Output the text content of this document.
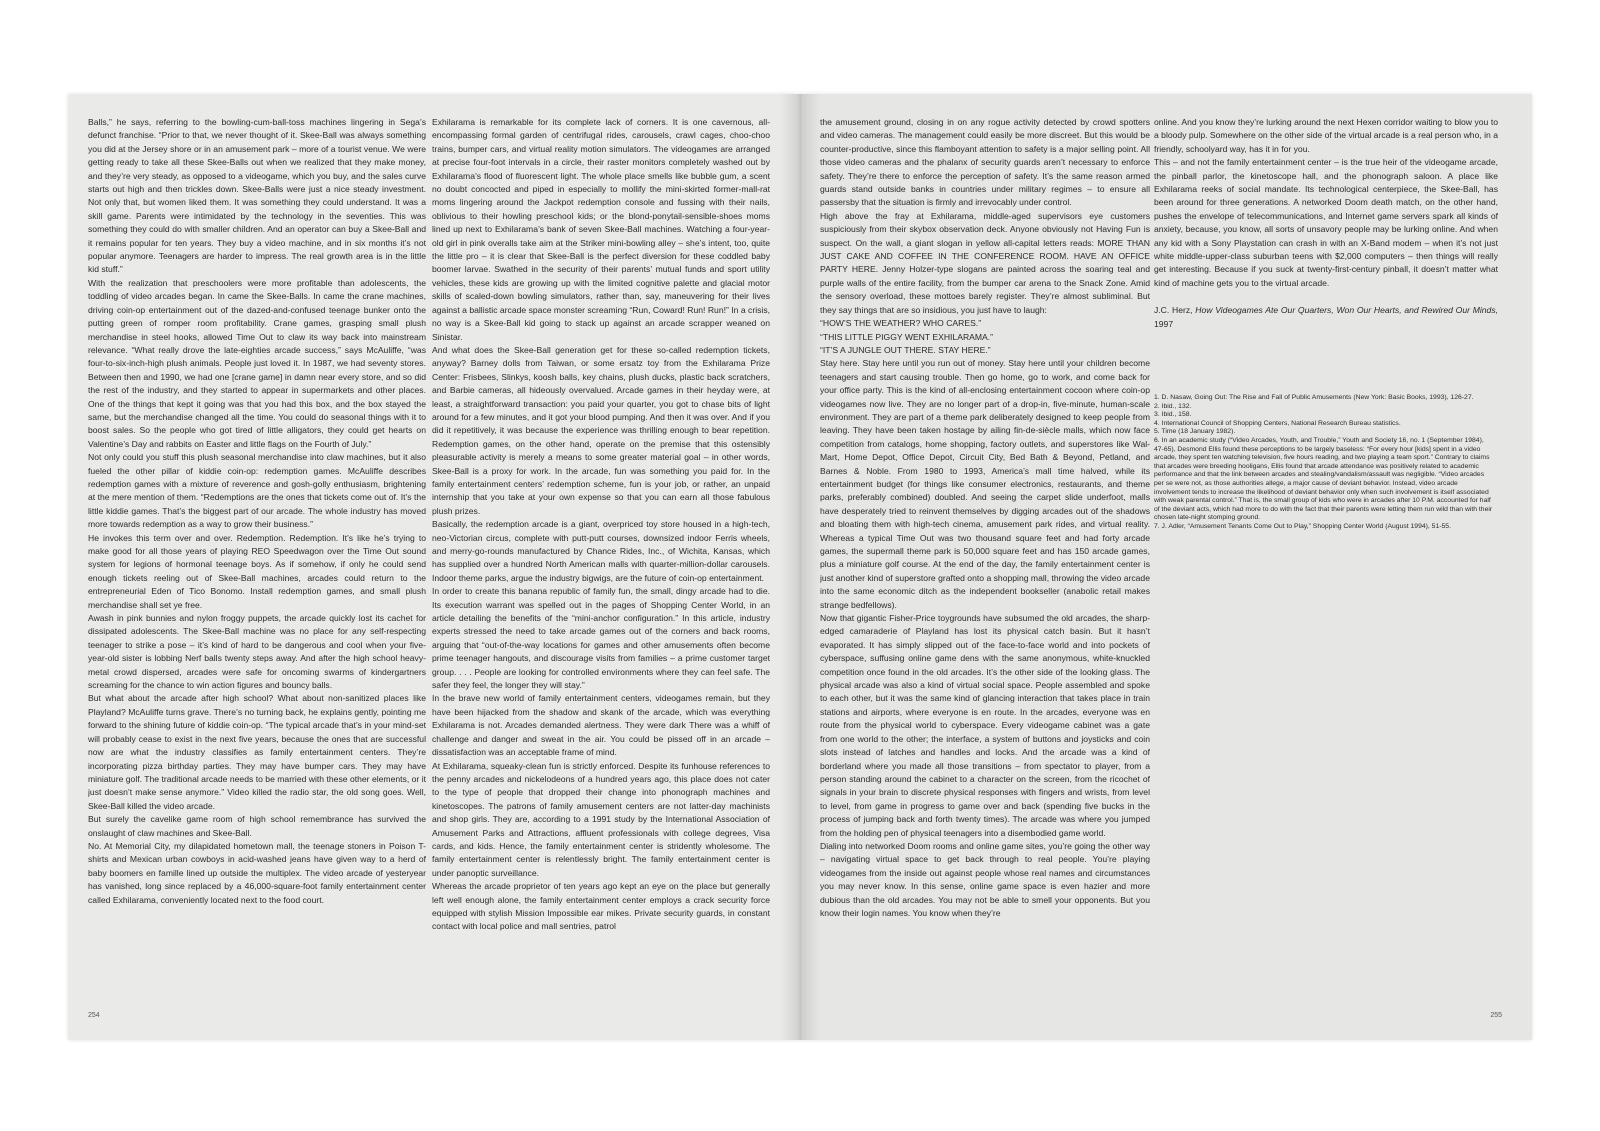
Balls,” he says, referring to the bowling-cum-ball-toss machines lingering in Sega’s defunct franchise. “Prior to that, we never thought of it. Skee-Ball was always something you did at the Jersey shore or in an amusement park – more of a tourist venue. We were getting ready to take all these Skee-Balls out when we realized that they make money, and they’re very steady, as opposed to a videogame, which you buy, and the sales curve starts out high and then trickles down. Skee-Balls were just a nice steady investment. Not only that, but women liked them. It was something they could understand. It was a skill game. Parents were intimidated by the technology in the seventies. This was something they could do with smaller children. And an operator can buy a Skee-Ball and it remains popular for ten years. They buy a video machine, and in six months it’s not popular anymore. Teenagers are harder to impress. The real growth area is in the little kid stuff.”

With the realization that preschoolers were more profitable than adolescents, the toddling of video arcades began. In came the Skee-Balls. In came the crane machines, driving coin-op entertainment out of the dazed-and-confused teenage bunker onto the putting green of romper room profitability. Crane games, grasping small plush merchandise in steel hooks, allowed Time Out to claw its way back into mainstream relevance. “What really drove the late-eighties arcade success,” says McAuliffe, “was four-to-six-inch-high plush animals. People just loved it. In 1987, we had seventy stores. Between then and 1990, we had one [crane game] in damn near every store, and so did the rest of the industry, and they started to appear in supermarkets and other places. One of the things that kept it going was that you had this box, and the box stayed the same, but the merchandise changed all the time. You could do seasonal things with it to boost sales. So the people who got tired of little alligators, they could get hearts on Valentine’s Day and rabbits on Easter and little flags on the Fourth of July.”

Not only could you stuff this plush seasonal merchandise into claw machines, but it also fueled the other pillar of kiddie coin-op: redemption games. McAuliffe describes redemption games with a mixture of reverence and gosh-golly enthusiasm, brightening at the mere mention of them. “Redemptions are the ones that tickets come out of. It’s the little kiddie games. That’s the biggest part of our arcade. The whole industry has moved more towards redemption as a way to grow their business.”

He invokes this term over and over. Redemption. Redemption. It’s like he’s trying to make good for all those years of playing REO Speedwagon over the Time Out sound system for legions of hormonal teenage boys. As if somehow, if only he could send enough tickets reeling out of Skee-Ball machines, arcades could return to the entrepreneurial Eden of Tico Bonomo. Install redemption games, and small plush merchandise shall set ye free.

Awash in pink bunnies and nylon froggy puppets, the arcade quickly lost its cachet for dissipated adolescents. The Skee-Ball machine was no place for any self-respecting teenager to strike a pose – it’s kind of hard to be dangerous and cool when your five-year-old sister is lobbing Nerf balls twenty steps away. And after the high school heavy-metal crowd dispersed, arcades were safe for oncoming swarms of kindergartners screaming for the chance to win action figures and bouncy balls.

But what about the arcade after high school? What about non-sanitized places like Playland? McAuliffe turns grave. There’s no turning back, he explains gently, pointing me forward to the shining future of kiddie coin-op. “The typical arcade that’s in your mind-set will probably cease to exist in the next five years, because the ones that are successful now are what the industry classifies as family entertainment centers. They’re incorporating pizza birthday parties. They may have bumper cars. They may have miniature golf. The traditional arcade needs to be married with these other elements, or it just doesn’t make sense anymore.” Video killed the radio star, the old song goes. Well, Skee-Ball killed the video arcade.

But surely the cavelike game room of high school remembrance has survived the onslaught of claw machines and Skee-Ball.

No. At Memorial City, my dilapidated hometown mall, the teenage stoners in Poison T-shirts and Mexican urban cowboys in acid-washed jeans have given way to a herd of baby boomers en famille lined up outside the multiplex. The video arcade of yesteryear has vanished, long since replaced by a 46,000-square-foot family entertainment center called Exhilarama, conveniently located next to the food court.

Exhilarama is remarkable for its complete lack of corners. It is one cavernous, all-encompassing formal garden of centrifugal rides, carousels, crawl cages, choo-choo trains, bumper cars, and virtual reality motion simulators. The videogames are arranged at precise four-foot intervals in a circle, their raster monitors completely washed out by Exhilarama’s flood of fluorescent light. The whole place smells like bubble gum, a scent no doubt concocted and piped in especially to mollify the mini-skirted former-mall-rat moms lingering around the Jackpot redemption console and fussing with their nails, oblivious to their howling preschool kids; or the blond-ponytail-sensible-shoes moms lined up next to Exhilarama’s bank of seven Skee-Ball machines. Watching a four-year-old girl in pink overalls take aim at the Striker mini-bowling alley – she’s intent, too, quite the little pro – it is clear that Skee-Ball is the perfect diversion for these coddled baby boomer larvae. Swathed in the security of their parents’ mutual funds and sport utility vehicles, these kids are growing up with the limited cognitive palette and glacial motor skills of scaled-down bowling simulators, rather than, say, maneuvering for their lives against a ballistic arcade space monster screaming “Run, Coward! Run! Run!” In a crisis, no way is a Skee-Ball kid going to stack up against an arcade scrapper weaned on Sinistar.

And what does the Skee-Ball generation get for these so-called redemption tickets, anyway? Barney dolls from Taiwan, or some ersatz toy from the Exhilarama Prize Center: Frisbees, Slinkys, koosh balls, key chains, plush ducks, plastic back scratchers, and Barbie cameras, all hideously overvalued. Arcade games in their heyday were, at least, a straightforward transaction: you paid your quarter, you got to chase bits of light around for a few minutes, and it got your blood pumping. And then it was over. And if you did it repetitively, it was because the experience was thrilling enough to bear repetition. Redemption games, on the other hand, operate on the premise that this ostensibly pleasurable activity is merely a means to some greater material goal – in other words, Skee-Ball is a proxy for work. In the arcade, fun was something you paid for. In the family entertainment centers’ redemption scheme, fun is your job, or rather, an unpaid internship that you take at your own expense so that you can earn all those fabulous plush prizes.

Basically, the redemption arcade is a giant, overpriced toy store housed in a high-tech, neo-Victorian circus, complete with putt-putt courses, downsized indoor Ferris wheels, and merry-go-rounds manufactured by Chance Rides, Inc., of Wichita, Kansas, which has supplied over a hundred North American malls with quarter-million-dollar carousels. Indoor theme parks, argue the industry bigwigs, are the future of coin-op entertainment.

In order to create this banana republic of family fun, the small, dingy arcade had to die. Its execution warrant was spelled out in the pages of Shopping Center World, in an article detailing the benefits of the “mini-anchor configuration.” In this article, industry experts stressed the need to take arcade games out of the corners and back rooms, arguing that “out-of-the-way locations for games and other amusements often become prime teenager hangouts, and discourage visits from families – a prime customer target group. . . . People are looking for controlled environments where they can feel safe. The safer they feel, the longer they will stay.”

In the brave new world of family entertainment centers, videogames remain, but they have been hijacked from the shadow and skank of the arcade, which was everything Exhilarama is not. Arcades demanded alertness. They were dark There was a whiff of challenge and danger and sweat in the air. You could be pissed off in an arcade – dissatisfaction was an acceptable frame of mind.

At Exhilarama, squeaky-clean fun is strictly enforced. Despite its funhouse references to the penny arcades and nickelodeons of a hundred years ago, this place does not cater to the type of people that dropped their change into phonograph machines and kinetoscopes. The patrons of family amusement centers are not latter-day machinists and shop girls. They are, according to a 1991 study by the International Association of Amusement Parks and Attractions, affluent professionals with college degrees, Visa cards, and kids. Hence, the family entertainment center is stridently wholesome. The family entertainment center is relentlessly bright. The family entertainment center is under panoptic surveillance.

Whereas the arcade proprietor of ten years ago kept an eye on the place but generally left well enough alone, the family entertainment center employs a crack security force equipped with stylish Mission Impossible ear mikes. Private security guards, in constant contact with local police and mall sentries, patrol

254

the amusement ground, closing in on any rogue activity detected by crowd spotters and video cameras. The management could easily be more discreet. But this would be counter-productive, since this flamboyant attention to safety is a major selling point. All those video cameras and the phalanx of security guards aren’t necessary to enforce safety. They’re there to enforce the perception of safety. It’s the same reason armed guards stand outside banks in countries under military regimes – to ensure all passersby that the situation is firmly and irrevocably under control.

High above the fray at Exhilarama, middle-aged supervisors eye customers suspiciously from their skybox observation deck. Anyone obviously not Having Fun is suspect. On the wall, a giant slogan in yellow all-capital letters reads: MORE THAN JUST CAKE AND COFFEE IN THE CONFERENCE ROOM. HAVE AN OFFICE PARTY HERE. Jenny Holzer-type slogans are painted across the soaring teal and purple walls of the entire facility, from the bumper car arena to the Snack Zone. Amid the sensory overload, these mottoes barely register. They’re almost subliminal. But they say things that are so insidious, you just have to laugh:

“HOW’S THE WEATHER? WHO CARES.”

“THIS LITTLE PIGGY WENT EXHILARAMA.”

“IT’S A JUNGLE OUT THERE. STAY HERE.”

Stay here. Stay here until you run out of money. Stay here until your children become teenagers and start causing trouble. Then go home, go to work, and come back for your office party. This is the kind of all-enclosing entertainment cocoon where coin-op videogames now live. They are no longer part of a drop-in, five-minute, human-scale environment. They are part of a theme park deliberately designed to keep people from leaving. They have been taken hostage by ailing fin-de-siècle malls, which now face competition from catalogs, home shopping, factory outlets, and superstores like Wal-Mart, Home Depot, Office Depot, Circuit City, Bed Bath & Beyond, Petland, and Barnes & Noble. From 1980 to 1993, America’s mall time halved, while its entertainment budget (for things like consumer electronics, restaurants, and theme parks, preferably combined) doubled. And seeing the carpet slide underfoot, malls have desperately tried to reinvent themselves by digging arcades out of the shadows and bloating them with high-tech cinema, amusement park rides, and virtual reality. Whereas a typical Time Out was two thousand square feet and had forty arcade games, the supermall theme park is 50,000 square feet and has 150 arcade games, plus a miniature golf course. At the end of the day, the family entertainment center is just another kind of superstore grafted onto a shopping mall, throwing the video arcade into the same economic ditch as the independent bookseller (anabolic retail makes strange bedfellows).

Now that gigantic Fisher-Price toygrounds have subsumed the old arcades, the sharp-edged camaraderie of Playland has lost its physical catch basin. But it hasn’t evaporated. It has simply slipped out of the face-to-face world and into pockets of cyberspace, suffusing online game dens with the same anonymous, white-knuckled competition once found in the old arcades. It’s the other side of the looking glass. The physical arcade was also a kind of virtual social space. People assembled and spoke to each other, but it was the same kind of glancing interaction that takes place in train stations and airports, where everyone is en route. In the arcades, everyone was en route from the physical world to cyberspace. Every videogame cabinet was a gate from one world to the other; the interface, a system of buttons and joysticks and coin slots instead of latches and handles and locks. And the arcade was a kind of borderland where you made all those transitions – from spectator to player, from a person standing around the cabinet to a character on the screen, from the ricochet of signals in your brain to discrete physical responses with fingers and wrists, from level to level, from game in progress to game over and back (spending five bucks in the process of jumping back and forth twenty times). The arcade was where you jumped from the holding pen of physical teenagers into a disembodied game world.

Dialing into networked Doom rooms and online game sites, you’re going the other way – navigating virtual space to get back through to real people. You’re playing videogames from the inside out against people whose real names and circumstances you may never know. In this sense, online game space is even hazier and more dubious than the old arcades. You may not be able to smell your opponents. But you know their login names. You know when they’re

online. And you know they’re lurking around the next Hexen corridor waiting to blow you to a bloody pulp. Somewhere on the other side of the virtual arcade is a real person who, in a friendly, schoolyard way, has it in for you.

This – and not the family entertainment center – is the true heir of the videogame arcade, the pinball parlor, the kinetoscope hall, and the phonograph saloon. A place like Exhilarama reeks of social mandate. Its technological centerpiece, the Skee-Ball, has been around for three generations. A networked Doom death match, on the other hand, pushes the envelope of telecommunications, and Internet game servers spark all kinds of anxiety, because, you know, all sorts of unsavory people may be lurking online. And when any kid with a Sony Playstation can crash in with an X-Band modem – when it’s not just white middle-upper-class suburban teens with $2,000 computers – then things will really get interesting. Because if you suck at twenty-first-century pinball, it doesn’t matter what kind of machine gets you to the virtual arcade.

J.C. Herz, How Videogames Ate Our Quarters, Won Our Hearts, and Rewired Our Minds, 1997

1. D. Nasaw, Going Out: The Rise and Fall of Public Amusements (New York: Basic Books, 1993), 126-27.

2. Ibid., 132.

3. Ibid., 158.

4. International Council of Shopping Centers, National Research Bureau statistics.

5. Time (18 January 1982).

6. In an academic study (“Video Arcades, Youth, and Trouble,” Youth and Society 16, no. 1 (September 1984), 47-65), Desmond Ellis found these perceptions to be largely baseless: “For every hour [kids] spent in a video arcade, they spent ten watching television, five hours reading, and two playing a team sport.” Contrary to claims that arcades were breeding hooligans, Ellis found that arcade attendance was positively related to academic performance and that the link between arcades and stealing/vandalism/assault was negligible. “Video arcades per se were not, as those authorities allege, a major cause of deviant behavior. Instead, video arcade involvement tends to increase the likelihood of deviant behavior only when such involvement is itself associated with weak parental control.” That is, the small group of kids who were in arcades after 10 P.M. accounted for half of the deviant acts, which had more to do with the fact that their parents were letting them run wild than with their chosen late-night stomping ground.

7. J. Adler, “Amusement Tenants Come Out to Play,” Shopping Center World (August 1994), 51-55.

255
